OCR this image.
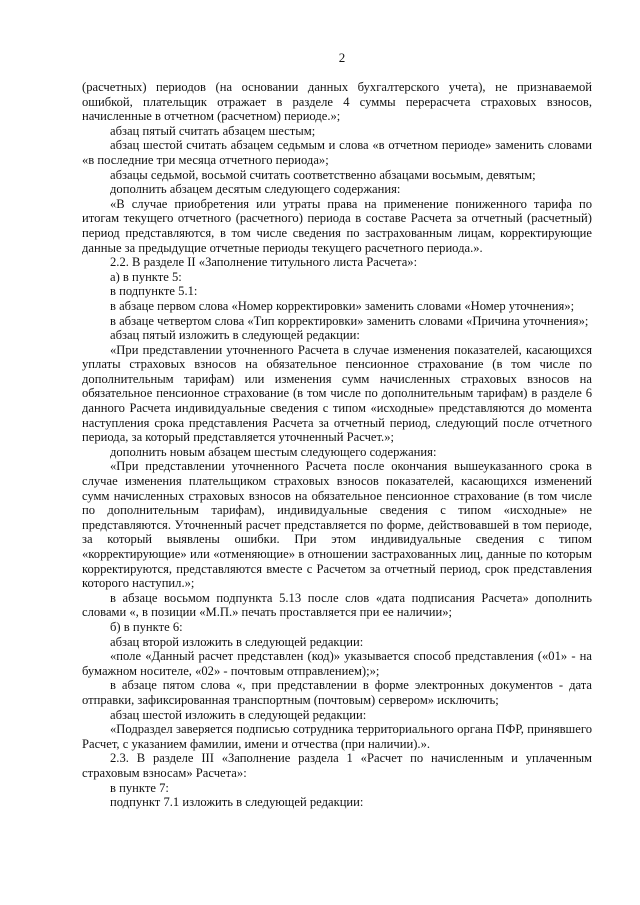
2

(расчетных) периодов (на основании данных бухгалтерского учета), не признаваемой ошибкой, плательщик отражает в разделе 4 суммы перерасчета страховых взносов, начисленные в отчетном (расчетном) периоде.»;

абзац пятый считать абзацем шестым;

абзац шестой считать абзацем седьмым и слова «в отчетном периоде» заменить словами «в последние три месяца отчетного периода»;

абзацы седьмой, восьмой считать соответственно абзацами восьмым, девятым;

дополнить абзацем десятым следующего содержания:

«В случае приобретения или утраты права на применение пониженного тарифа по итогам текущего отчетного (расчетного) периода в составе Расчета за отчетный (расчетный) период представляются, в том числе сведения по застрахованным лицам, корректирующие данные за предыдущие отчетные периоды текущего расчетного периода.».

2.2. В разделе II «Заполнение титульного листа Расчета»:

а) в пункте 5:

в подпункте 5.1:

в абзаце первом слова «Номер корректировки» заменить словами «Номер уточнения»;

в абзаце четвертом слова «Тип корректировки» заменить словами «Причина уточнения»;

абзац пятый изложить в следующей редакции:

«При представлении уточненного Расчета в случае изменения показателей, касающихся уплаты страховых взносов на обязательное пенсионное страхование (в том числе по дополнительным тарифам) или изменения сумм начисленных страховых взносов на обязательное пенсионное страхование (в том числе по дополнительным тарифам) в разделе 6 данного Расчета индивидуальные сведения с типом «исходные» представляются до момента наступления срока представления Расчета за отчетный период, следующий после отчетного периода, за который представляется уточненный Расчет.»;

дополнить новым абзацем шестым следующего содержания:

«При представлении уточненного Расчета после окончания вышеуказанного срока в случае изменения плательщиком страховых взносов показателей, касающихся изменений сумм начисленных страховых взносов на обязательное пенсионное страхование (в том числе по дополнительным тарифам), индивидуальные сведения с типом «исходные» не представляются. Уточненный расчет представляется по форме, действовавшей в том периоде, за который выявлены ошибки. При этом индивидуальные сведения с типом «корректирующие» или «отменяющие» в отношении застрахованных лиц, данные по которым корректируются, представляются вместе с Расчетом за отчетный период, срок представления которого наступил.»;

в абзаце восьмом подпункта 5.13 после слов «дата подписания Расчета» дополнить словами «, в позиции «М.П.» печать проставляется при ее наличии»;

б) в пункте 6:

абзац второй изложить в следующей редакции:

«поле «Данный расчет представлен (код)» указывается способ представления («01» - на бумажном носителе, «02» - почтовым отправлением);»;

в абзаце пятом слова «, при представлении в форме электронных документов - дата отправки, зафиксированная транспортным (почтовым) сервером» исключить;

абзац шестой изложить в следующей редакции:

«Подраздел заверяется подписью сотрудника территориального органа ПФР, принявшего Расчет, с указанием фамилии, имени и отчества (при наличии).».

2.3. В разделе III «Заполнение раздела 1 «Расчет по начисленным и уплаченным страховым взносам» Расчета»:

в пункте 7:

подпункт 7.1 изложить в следующей редакции:
